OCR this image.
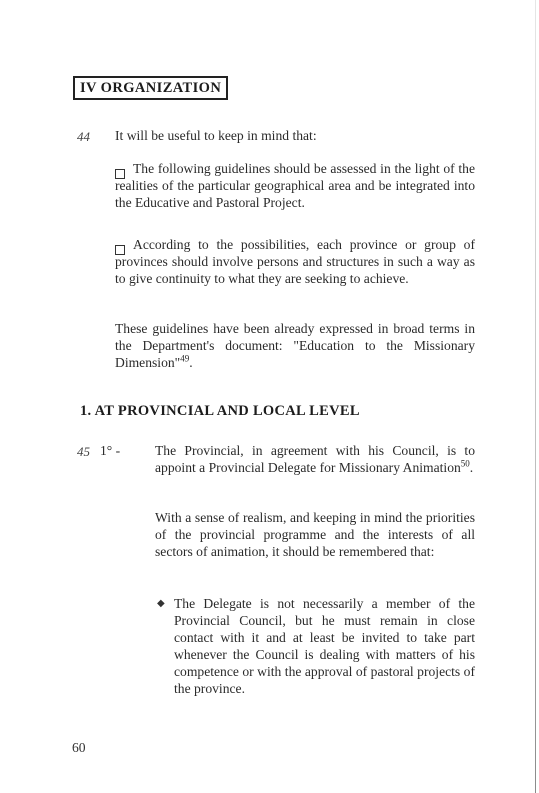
IV ORGANIZATION
44 It will be useful to keep in mind that:

The following guidelines should be assessed in the light of the realities of the particular geographical area and be integrated into the Educative and Pastoral Project.

According to the possibilities, each province or group of provinces should involve persons and structures in such a way as to give continuity to what they are seeking to achieve.

These guidelines have been already expressed in broad terms in the Department's document: "Education to the Missionary Dimension"$^{49}$.

1. AT PROVINCIAL AND LOCAL LEVEL
45 1° -	The Provincial, in agreement with his Council, is to appoint a Provincial Delegate for Missionary Animation$^{50}$.

With a sense of realism, and keeping in mind the priorities of the provincial programme and the interests of all sectors of animation, it should be remembered that:

◆ The Delegate is not necessarily a member of the Provincial Council, but he must remain in close contact with it and at least be invited to take part whenever the Council is dealing with matters of his competence or with the approval of pastoral projects of the province.

60
